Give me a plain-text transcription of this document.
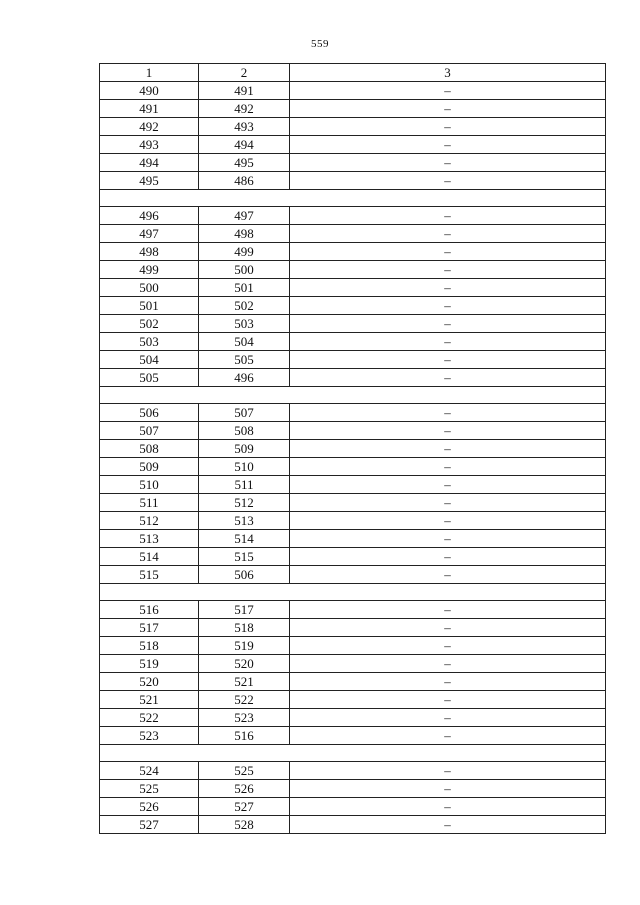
559
1	2	3
490	491	–
491	492	–
492	493	–
493	494	–
494	495	–
495	486	–

496	497	–
497	498	–
498	499	–
499	500	–
500	501	–
501	502	–
502	503	–
503	504	–
504	505	–
505	496	–

506	507	–
507	508	–
508	509	–
509	510	–
510	511	–
511	512	–
512	513	–
513	514	–
514	515	–
515	506	–

516	517	–
517	518	–
518	519	–
519	520	–
520	521	–
521	522	–
522	523	–
523	516	–

524	525	–
525	526	–
526	527	–
527	528	–
